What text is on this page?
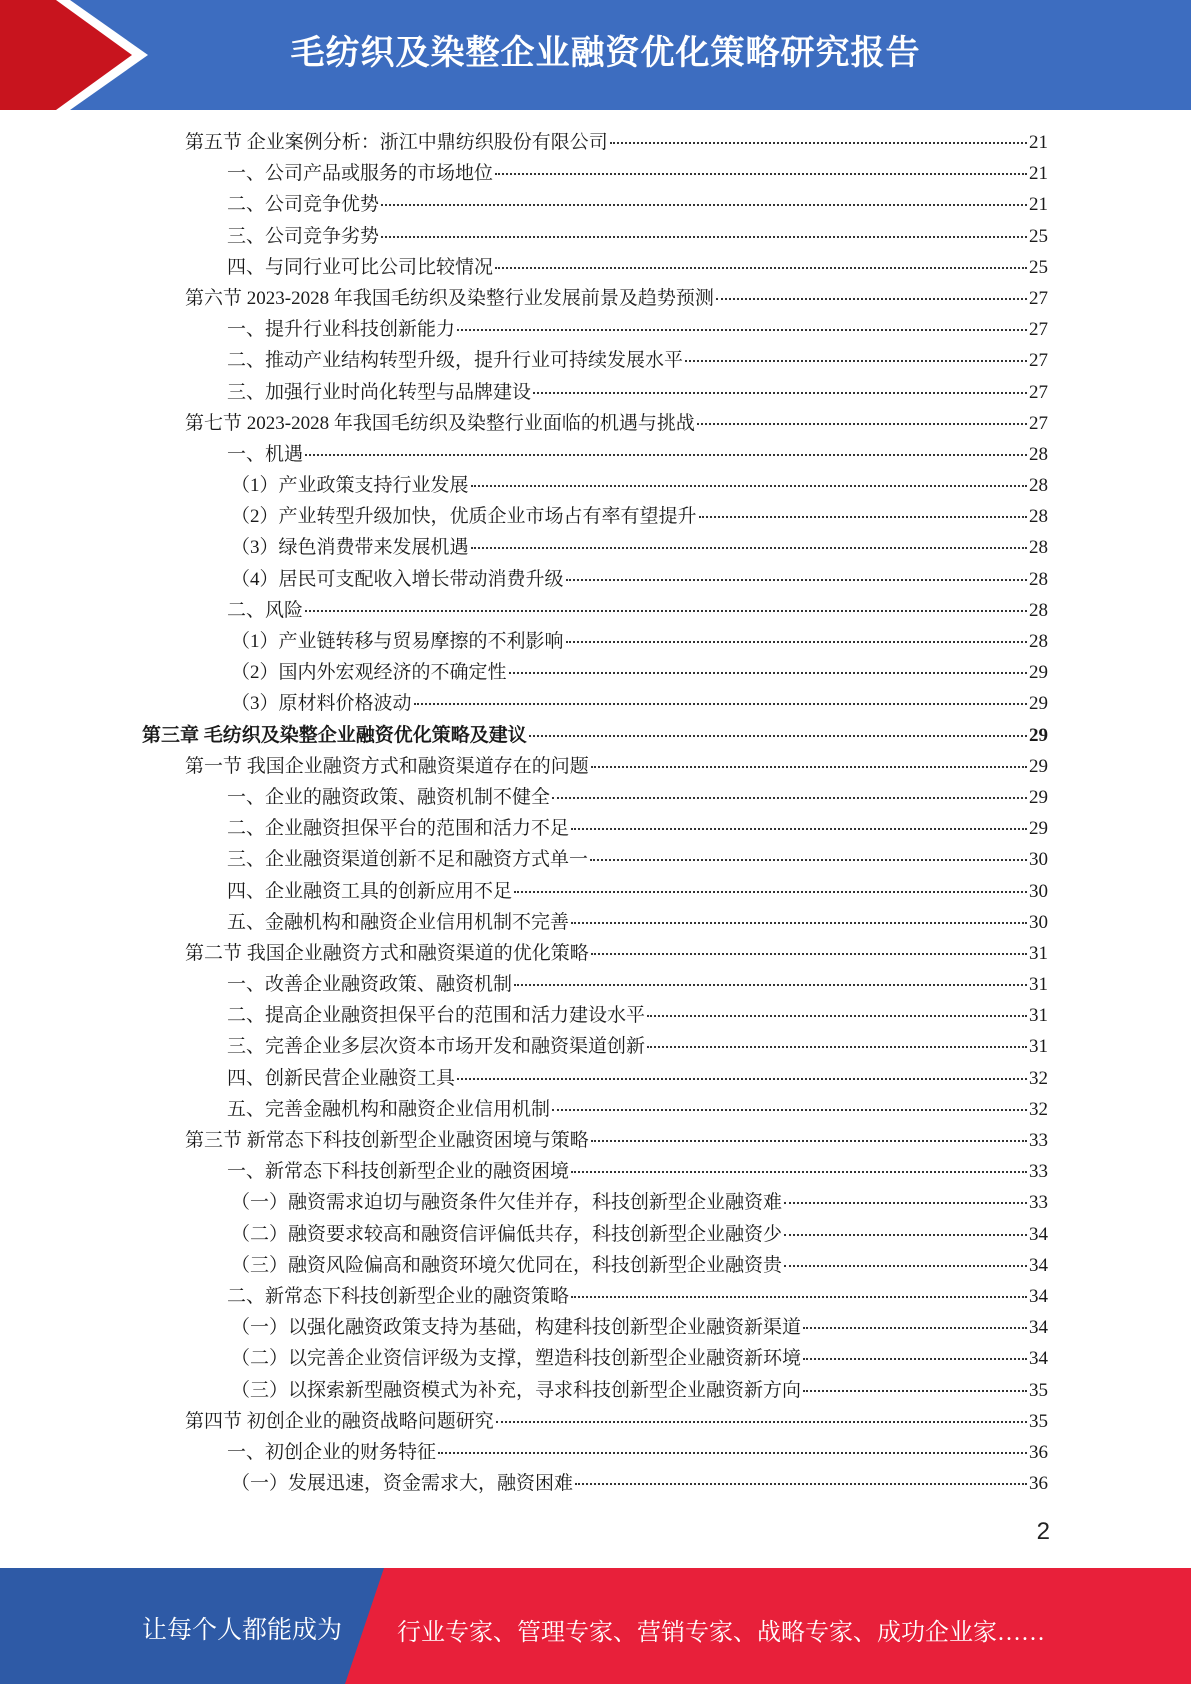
毛纺织及染整企业融资优化策略研究报告
第五节 企业案例分析：浙江中鼎纺织股份有限公司	21
一、公司产品或服务的市场地位	21
二、公司竞争优势	21
三、公司竞争劣势	25
四、与同行业可比公司比较情况	25
第六节 2023-2028 年我国毛纺织及染整行业发展前景及趋势预测	27
一、提升行业科技创新能力	27
二、推动产业结构转型升级，提升行业可持续发展水平	27
三、加强行业时尚化转型与品牌建设	27
第七节 2023-2028 年我国毛纺织及染整行业面临的机遇与挑战	27
一、机遇	28
（1）产业政策支持行业发展	28
（2）产业转型升级加快，优质企业市场占有率有望提升	28
（3）绿色消费带来发展机遇	28
（4）居民可支配收入增长带动消费升级	28
二、风险	28
（1）产业链转移与贸易摩擦的不利影响	28
（2）国内外宏观经济的不确定性	29
（3）原材料价格波动	29
第三章 毛纺织及染整企业融资优化策略及建议	29
第一节 我国企业融资方式和融资渠道存在的问题	29
一、企业的融资政策、融资机制不健全	29
二、企业融资担保平台的范围和活力不足	29
三、企业融资渠道创新不足和融资方式单一	30
四、企业融资工具的创新应用不足	30
五、金融机构和融资企业信用机制不完善	30
第二节 我国企业融资方式和融资渠道的优化策略	31
一、改善企业融资政策、融资机制	31
二、提高企业融资担保平台的范围和活力建设水平	31
三、完善企业多层次资本市场开发和融资渠道创新	31
四、创新民营企业融资工具	32
五、完善金融机构和融资企业信用机制	32
第三节 新常态下科技创新型企业融资困境与策略	33
一、新常态下科技创新型企业的融资困境	33
（一）融资需求迫切与融资条件欠佳并存，科技创新型企业融资难	33
（二）融资要求较高和融资信评偏低共存，科技创新型企业融资少	34
（三）融资风险偏高和融资环境欠优同在，科技创新型企业融资贵	34
二、新常态下科技创新型企业的融资策略	34
（一）以强化融资政策支持为基础，构建科技创新型企业融资新渠道	34
（二）以完善企业资信评级为支撑，塑造科技创新型企业融资新环境	34
（三）以探索新型融资模式为补充，寻求科技创新型企业融资新方向	35
第四节 初创企业的融资战略问题研究	35
一、初创企业的财务特征	36
（一）发展迅速，资金需求大，融资困难	36
2
让每个人都能成为 行业专家、管理专家、营销专家、战略专家、成功企业家……
